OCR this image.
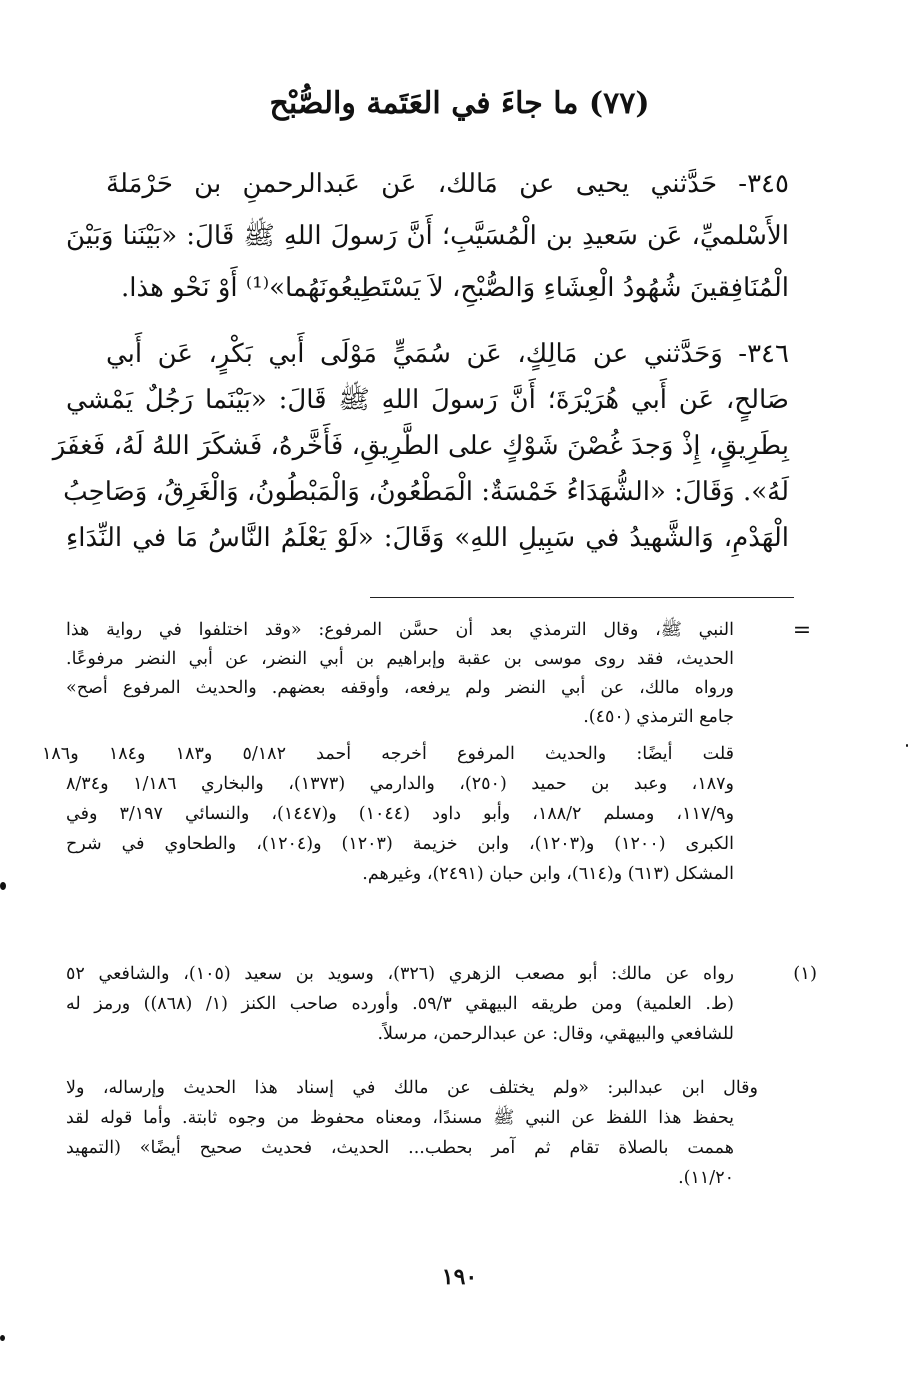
(٧٧) ما جاءَ في العَتَمة والصُّبْح
٣٤٥- حَدَّثني يحيى عن مَالك، عَن عَبدالرحمنِ بن حَرْمَلةَ
الأَسْلميِّ، عَن سَعيدِ بن الْمُسَيَّبِ؛ أَنَّ رَسولَ اللهِ ﷺ قَالَ: «بَيْنَنا وَبَيْنَ
الْمُنَافِقينَ شُهُودُ الْعِشَاءِ وَالصُّبْحِ، لاَ يَسْتَطِيعُونَهُما»⁽¹⁾ أَوْ نَحْو هذا.
٣٤٦- وَحَدَّثني عن مَالِكٍ، عَن سُمَيٍّ مَوْلَى أَبي بَكْرٍ، عَن أَبي
صَالحٍ، عَن أَبي هُرَيْرَةَ؛ أَنَّ رَسولَ اللهِ ﷺ قَالَ: «بَيْنَما رَجُلٌ يَمْشي
بِطَرِيقٍ، إِذْ وَجدَ غُصْنَ شَوْكٍ على الطَّرِيقِ، فَأَخَّرهُ، فَشكَرَ اللهُ لَهُ، فَغفَرَ
لَهُ». وَقَالَ: «الشُّهَدَاءُ خَمْسَةٌ: الْمَطْعُونُ، وَالْمَبْطُونُ، وَالْغَرِقُ، وَصَاحِبُ
الْهَدْمِ، وَالشَّهيدُ في سَبِيلِ اللهِ» وَقَالَ: «لَوْ يَعْلَمُ النَّاسُ مَا في النِّدَاءِ
=
النبي ﷺ، وقال الترمذي بعد أن حسَّن المرفوع: «وقد اختلفوا في رواية هذا
الحديث، فقد روى موسى بن عقبة وإبراهيم بن أبي النضر، عن أبي النضر مرفوعًا.
ورواه مالك، عن أبي النضر ولم يرفعه، وأوقفه بعضهم. والحديث المرفوع أصح»
جامع الترمذي (٤٥٠).
قلت أيضًا: والحديث المرفوع أخرجه أحمد ٥/١٨٢ و١٨٣ و١٨٤ و١٨٦
و١٨٧، وعبد بن حميد (٢٥٠)، والدارمي (١٣٧٣)، والبخاري ١/١٨٦ و٨/٣٤
و١١٧/٩، ومسلم ١٨٨/٢، وأبو داود (١٠٤٤) و(١٤٤٧)، والنسائي ٣/١٩٧ وفي
الكبرى (١٢٠٠) و(١٢٠٣)، وابن خزيمة (١٢٠٣) و(١٢٠٤)، والطحاوي في شرح
المشكل (٦١٣) و(٦١٤)، وابن حبان (٢٤٩١)، وغيرهم.
(١)
رواه عن مالك: أبو مصعب الزهري (٣٢٦)، وسويد بن سعيد (١٠٥)، والشافعي ٥٢
(ط. العلمية) ومن طريقه البيهقي ٥٩/٣. وأورده صاحب الكنز (١/ (٨٦٨)) ورمز له
للشافعي والبيهقي، وقال: عن عبدالرحمن، مرسلاً.
وقال ابن عبدالبر: «ولم يختلف عن مالك في إسناد هذا الحديث وإرساله، ولا
يحفظ هذا اللفظ عن النبي ﷺ مسندًا، ومعناه محفوظ من وجوه ثابتة. وأما قوله لقد
هممت بالصلاة تقام ثم آمر بحطب... الحديث، فحديث صحيح أيضًا» (التمهيد
١١/٢٠).
١٩٠
